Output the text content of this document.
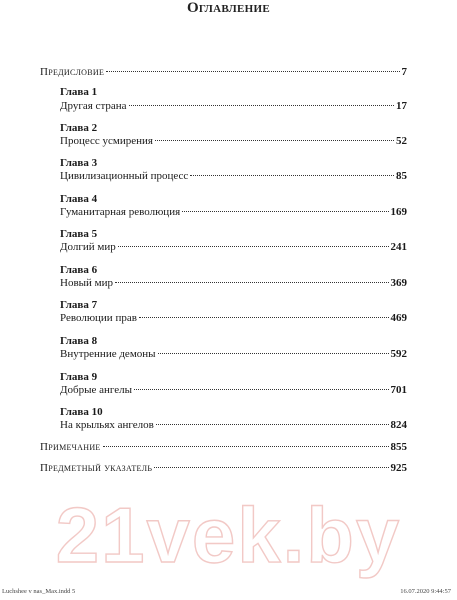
Оглавление
21vek.by
Предисловие	7
Глава 1
Другая страна	17
Глава 2
Процесс усмирения	52
Глава 3
Цивилизационный процесс	85
Глава 4
Гуманитарная революция	169
Глава 5
Долгий мир	241
Глава 6
Новый мир	369
Глава 7
Революции прав	469
Глава 8
Внутренние демоны	592
Глава 9
Добрые ангелы	701
Глава 10
На крыльях ангелов	824
Примечание	855
Предметный указатель	925
Luchshee v nas_Max.indd 5	16.07.2020 9:44:57
